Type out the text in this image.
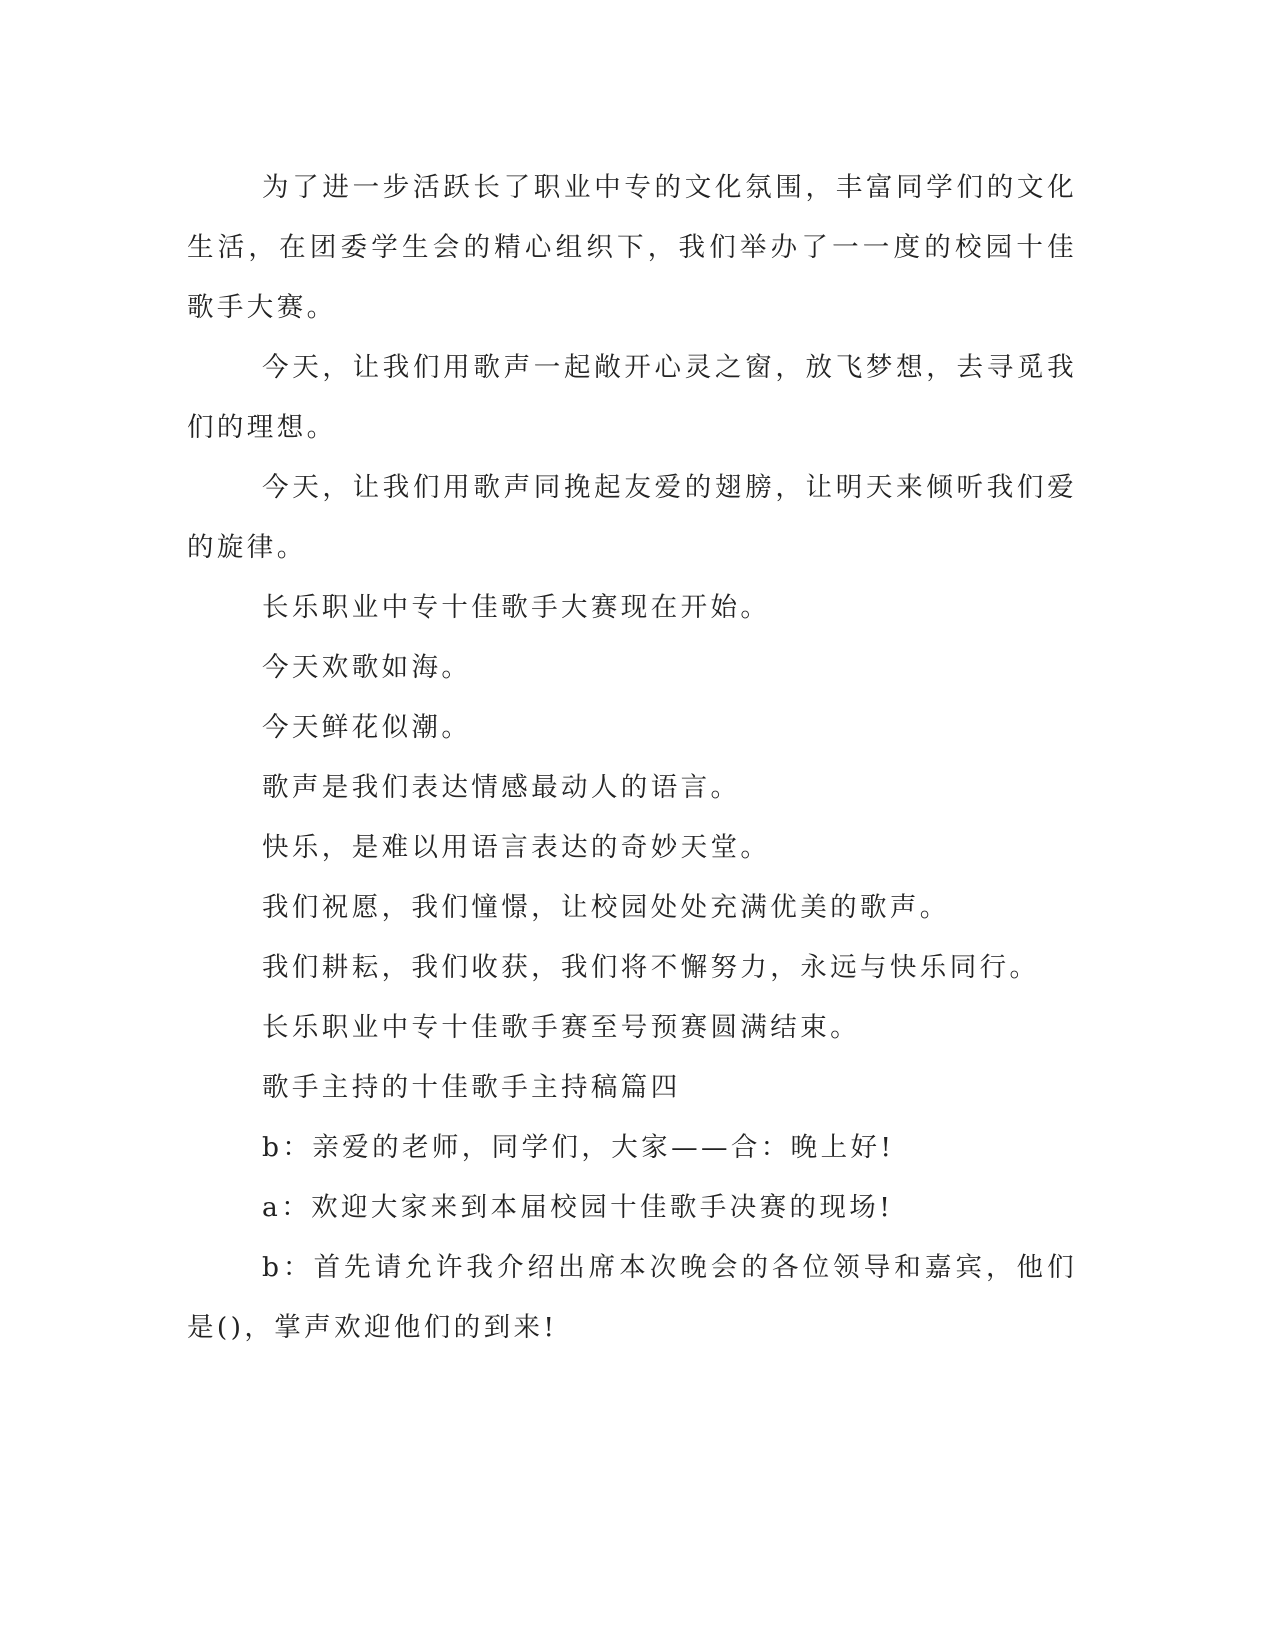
为了进一步活跃长了职业中专的文化氛围，丰富同学们的文化生活，在团委学生会的精心组织下，我们举办了一一度的校园十佳歌手大赛。

今天，让我们用歌声一起敞开心灵之窗，放飞梦想，去寻觅我们的理想。

今天，让我们用歌声同挽起友爱的翅膀，让明天来倾听我们爱的旋律。

长乐职业中专十佳歌手大赛现在开始。

今天欢歌如海。

今天鲜花似潮。

歌声是我们表达情感最动人的语言。

快乐，是难以用语言表达的奇妙天堂。

我们祝愿，我们憧憬，让校园处处充满优美的歌声。

我们耕耘，我们收获，我们将不懈努力，永远与快乐同行。

长乐职业中专十佳歌手赛至号预赛圆满结束。

歌手主持的十佳歌手主持稿篇四

b：亲爱的老师，同学们，大家——合：晚上好!

a：欢迎大家来到本届校园十佳歌手决赛的现场!

b：首先请允许我介绍出席本次晚会的各位领导和嘉宾，他们是()，掌声欢迎他们的到来!
